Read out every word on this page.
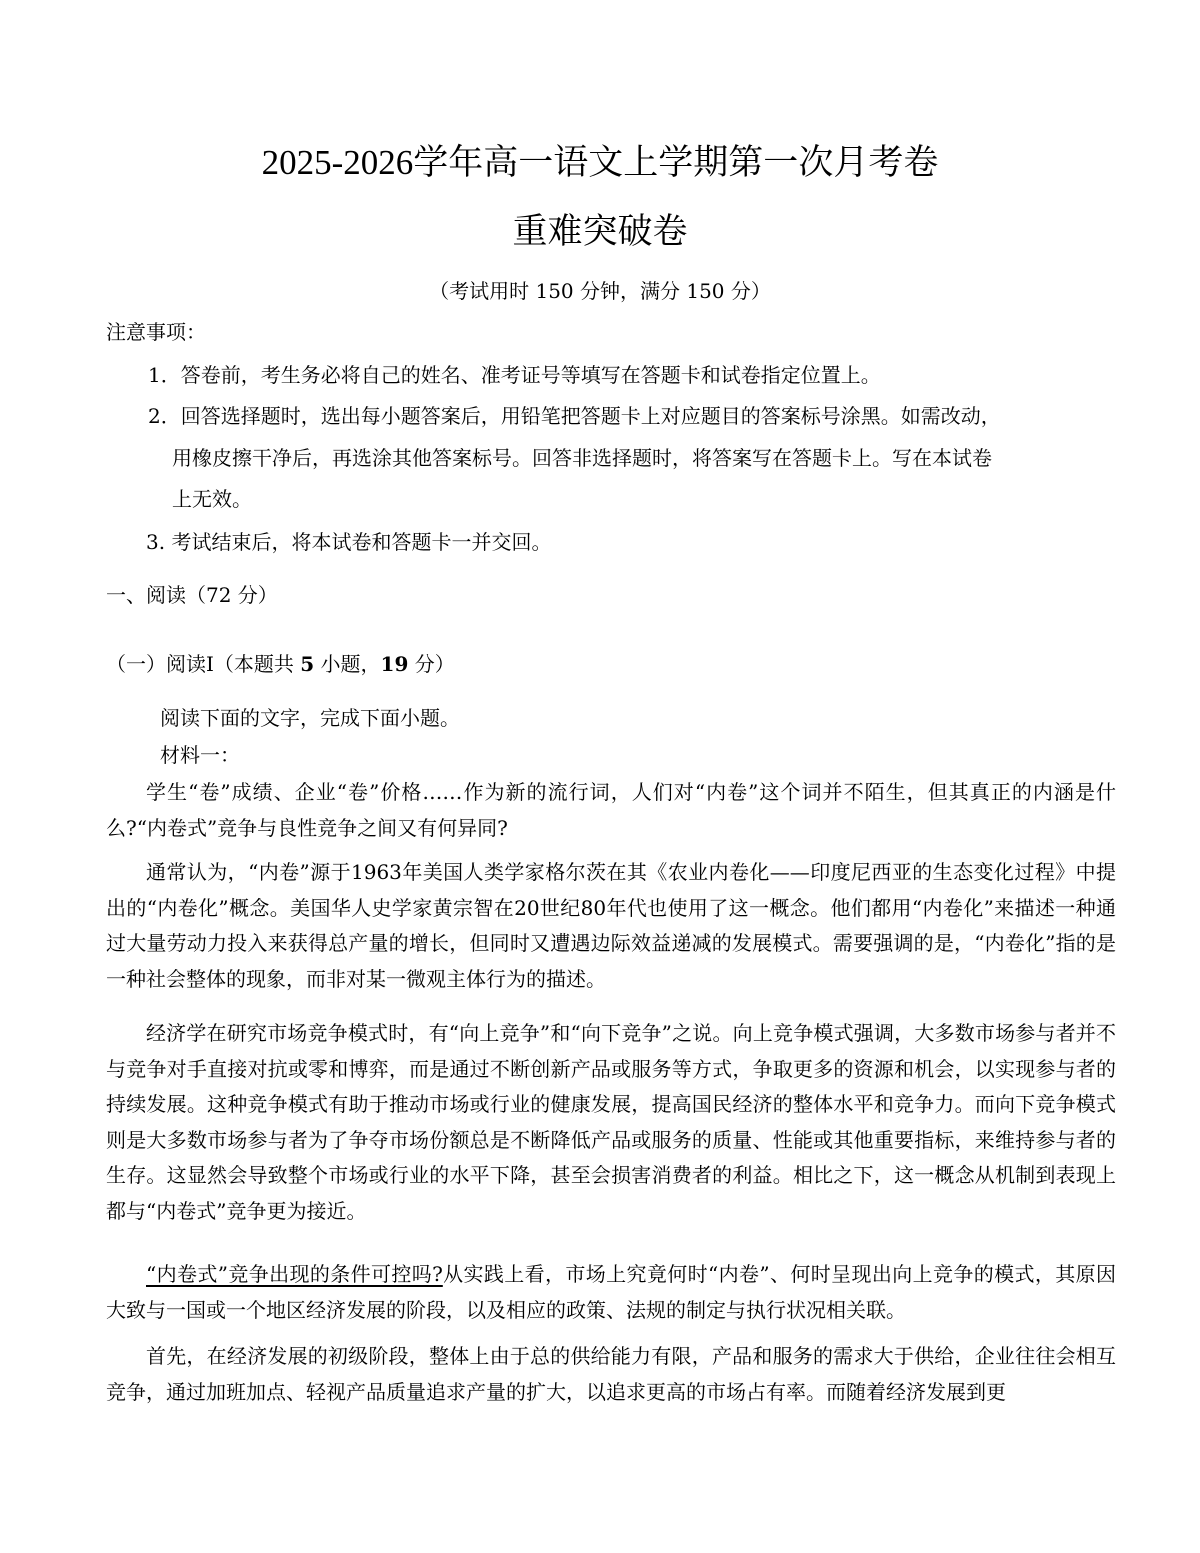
2025-2026学年高一语文上学期第一次月考卷
重难突破卷
（考试用时 150 分钟，满分 150 分）
注意事项：
1．答卷前，考生务必将自己的姓名、准考证号等填写在答题卡和试卷指定位置上。
2．回答选择题时，选出每小题答案后，用铅笔把答题卡上对应题目的答案标号涂黑。如需改动，
用橡皮擦干净后，再选涂其他答案标号。回答非选择题时，将答案写在答题卡上。写在本试卷
上无效。
3. 考试结束后，将本试卷和答题卡一并交回。
一、阅读（72 分）
（一）阅读Ⅰ（本题共 5 小题，19 分）
阅读下面的文字，完成下面小题。
材料一：

学生“卷”成绩、企业“卷”价格……作为新的流行词，人们对“内卷”这个词并不陌生，但其真正的内涵是什么?“内卷式”竞争与良性竞争之间又有何异同?

通常认为，“内卷”源于1963年美国人类学家格尔茨在其《农业内卷化——印度尼西亚的生态变化过程》中提出的“内卷化”概念。美国华人史学家黄宗智在20世纪80年代也使用了这一概念。他们都用“内卷化”来描述一种通过大量劳动力投入来获得总产量的增长，但同时又遭遇边际效益递减的发展模式。需要强调的是，“内卷化”指的是一种社会整体的现象，而非对某一微观主体行为的描述。

经济学在研究市场竞争模式时，有“向上竞争”和“向下竞争”之说。向上竞争模式强调，大多数市场参与者并不与竞争对手直接对抗或零和博弈，而是通过不断创新产品或服务等方式，争取更多的资源和机会，以实现参与者的持续发展。这种竞争模式有助于推动市场或行业的健康发展，提高国民经济的整体水平和竞争力。而向下竞争模式则是大多数市场参与者为了争夺市场份额总是不断降低产品或服务的质量、性能或其他重要指标，来维持参与者的生存。这显然会导致整个市场或行业的水平下降，甚至会损害消费者的利益。相比之下，这一概念从机制到表现上都与“内卷式”竞争更为接近。

“内卷式”竞争出现的条件可控吗?从实践上看，市场上究竟何时“内卷”、何时呈现出向上竞争的模式，其原因大致与一国或一个地区经济发展的阶段，以及相应的政策、法规的制定与执行状况相关联。

首先，在经济发展的初级阶段，整体上由于总的供给能力有限，产品和服务的需求大于供给，企业往往会相互竞争，通过加班加点、轻视产品质量追求产量的扩大，以追求更高的市场占有率。而随着经济发展到更
